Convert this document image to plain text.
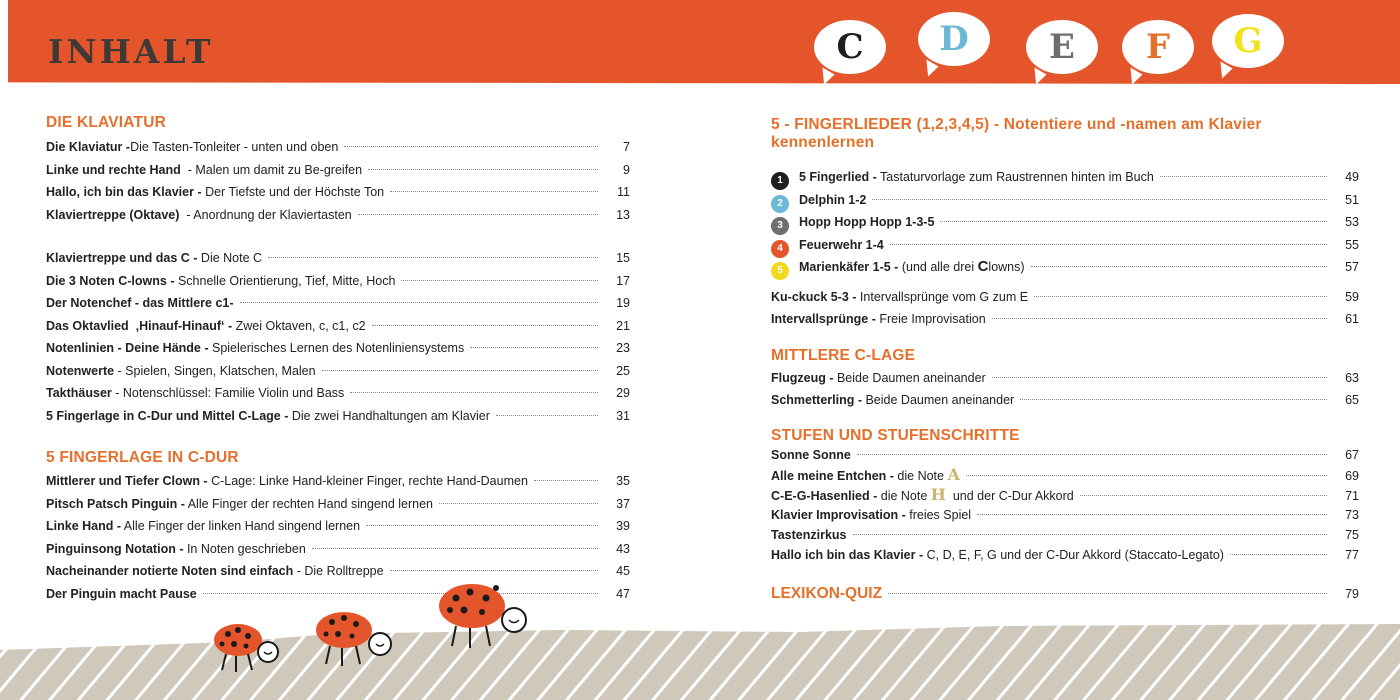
INHALT	C D E F G
DIE KLAVIATUR
Die Klaviatur - Die Tasten-Tonleiter - unten und oben	7
Linke und rechte Hand - Malen um damit zu Be-greifen	9
Hallo, ich bin das Klavier - Der Tiefste und der Höchste Ton	11
Klaviertreppe (Oktave) - Anordnung der Klaviertasten	13
Klaviertreppe und das C - Die Note C	15
Die 3 Noten C-lowns - Schnelle Orientierung, Tief, Mitte, Hoch	17
Der Notenchef - das Mittlere c1-	19
Das Oktavlied  ‚Hinauf-Hinauf‘ - Zwei Oktaven, c, c1, c2	21
Notenlinien - Deine Hände - Spielerisches Lernen des Notenliniensystems	23
Notenwerte - Spielen, Singen, Klatschen, Malen	25
Takthäuser - Notenschlüssel: Familie Violin und Bass	29
5 Fingerlage in C-Dur und Mittel C-Lage - Die zwei Handhaltungen am Klavier	31
5 FINGERLAGE IN C-DUR
Mittlerer und Tiefer Clown - C-Lage: Linke Hand-kleiner Finger, rechte Hand-Daumen	35
Pitsch Patsch Pinguin - Alle Finger der rechten Hand singend lernen	37
Linke Hand - Alle Finger der linken Hand singend lernen	39
Pinguinsong Notation - In Noten geschrieben	43
Nacheinander notierte Noten sind einfach - Die Rolltreppe	45
Der Pinguin macht Pause	47
5 - FINGERLIEDER (1,2,3,4,5) - Notentiere und -namen am Klavier kennenlernen
1	5 Fingerlied - Tastaturvorlage zum Raustrennen hinten im Buch	49
2	Delphin 1-2	51
3	Hopp Hopp Hopp 1-3-5	53
4	Feuerwehr 1-4	55
5	Marienkäfer 1-5 - (und alle drei C lowns)	57
Ku-ckuck 5-3 - Intervallsprünge vom G zum E	59
Intervallsprünge - Freie Improvisation	61
MITTLERE C-LAGE
Flugzeug - Beide Daumen aneinander	63
Schmetterling - Beide Daumen aneinander	65
STUFEN UND STUFENSCHRITTE
Sonne Sonne	67
Alle meine Entchen - die Note A	69
C-E-G-Hasenlied - die Note H und der C-Dur Akkord	71
Klavier Improvisation - freies Spiel	73
Tastenzirkus	75
Hallo ich bin das Klavier - C, D, E, F, G und der C-Dur Akkord (Staccato-Legato)	77
LEXIKON-QUIZ	79
